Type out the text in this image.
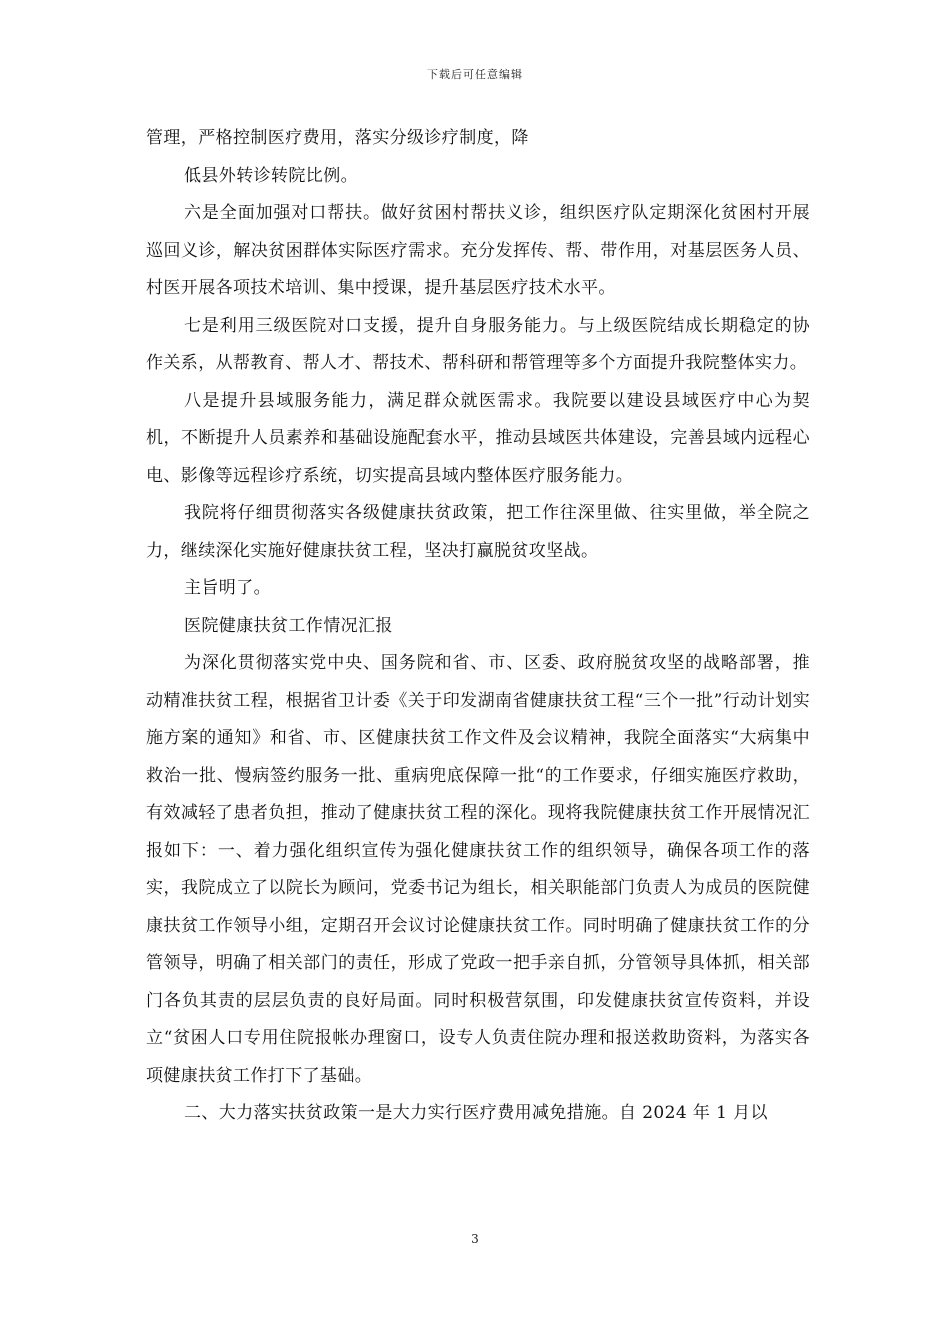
下载后可任意编辑

管理，严格控制医疗费用，落实分级诊疗制度，降

低县外转诊转院比例。

六是全面加强对口帮扶。做好贫困村帮扶义诊，组织医疗队定期深化贫困村开展巡回义诊，解决贫困群体实际医疗需求。充分发挥传、帮、带作用，对基层医务人员、村医开展各项技术培训、集中授课，提升基层医疗技术水平。

七是利用三级医院对口支援，提升自身服务能力。与上级医院结成长期稳定的协作关系，从帮教育、帮人才、帮技术、帮科研和帮管理等多个方面提升我院整体实力。

八是提升县域服务能力，满足群众就医需求。我院要以建设县域医疗中心为契机，不断提升人员素养和基础设施配套水平，推动县域医共体建设，完善县域内远程心电、影像等远程诊疗系统，切实提高县域内整体医疗服务能力。

我院将仔细贯彻落实各级健康扶贫政策，把工作往深里做、往实里做，举全院之力，继续深化实施好健康扶贫工程，坚决打赢脱贫攻坚战。

主旨明了。

医院健康扶贫工作情况汇报

为深化贯彻落实党中央、国务院和省、市、区委、政府脱贫攻坚的战略部署，推动精准扶贫工程，根据省卫计委《关于印发湖南省健康扶贫工程“三个一批”行动计划实施方案的通知》和省、市、区健康扶贫工作文件及会议精神，我院全面落实“大病集中救治一批、慢病签约服务一批、重病兜底保障一批“的工作要求，仔细实施医疗救助，有效减轻了患者负担，推动了健康扶贫工程的深化。现将我院健康扶贫工作开展情况汇报如下：一、着力强化组织宣传为强化健康扶贫工作的组织领导，确保各项工作的落实，我院成立了以院长为顾问，党委书记为组长，相关职能部门负责人为成员的医院健康扶贫工作领导小组，定期召开会议讨论健康扶贫工作。同时明确了健康扶贫工作的分管领导，明确了相关部门的责任，形成了党政一把手亲自抓，分管领导具体抓，相关部门各负其责的层层负责的良好局面。同时积极营氛围，印发健康扶贫宣传资料，并设立“贫困人口专用住院报帐办理窗口，设专人负责住院办理和报送救助资料，为落实各项健康扶贫工作打下了基础。

二、大力落实扶贫政策一是大力实行医疗费用减免措施。自 2024 年 1 月以

3
